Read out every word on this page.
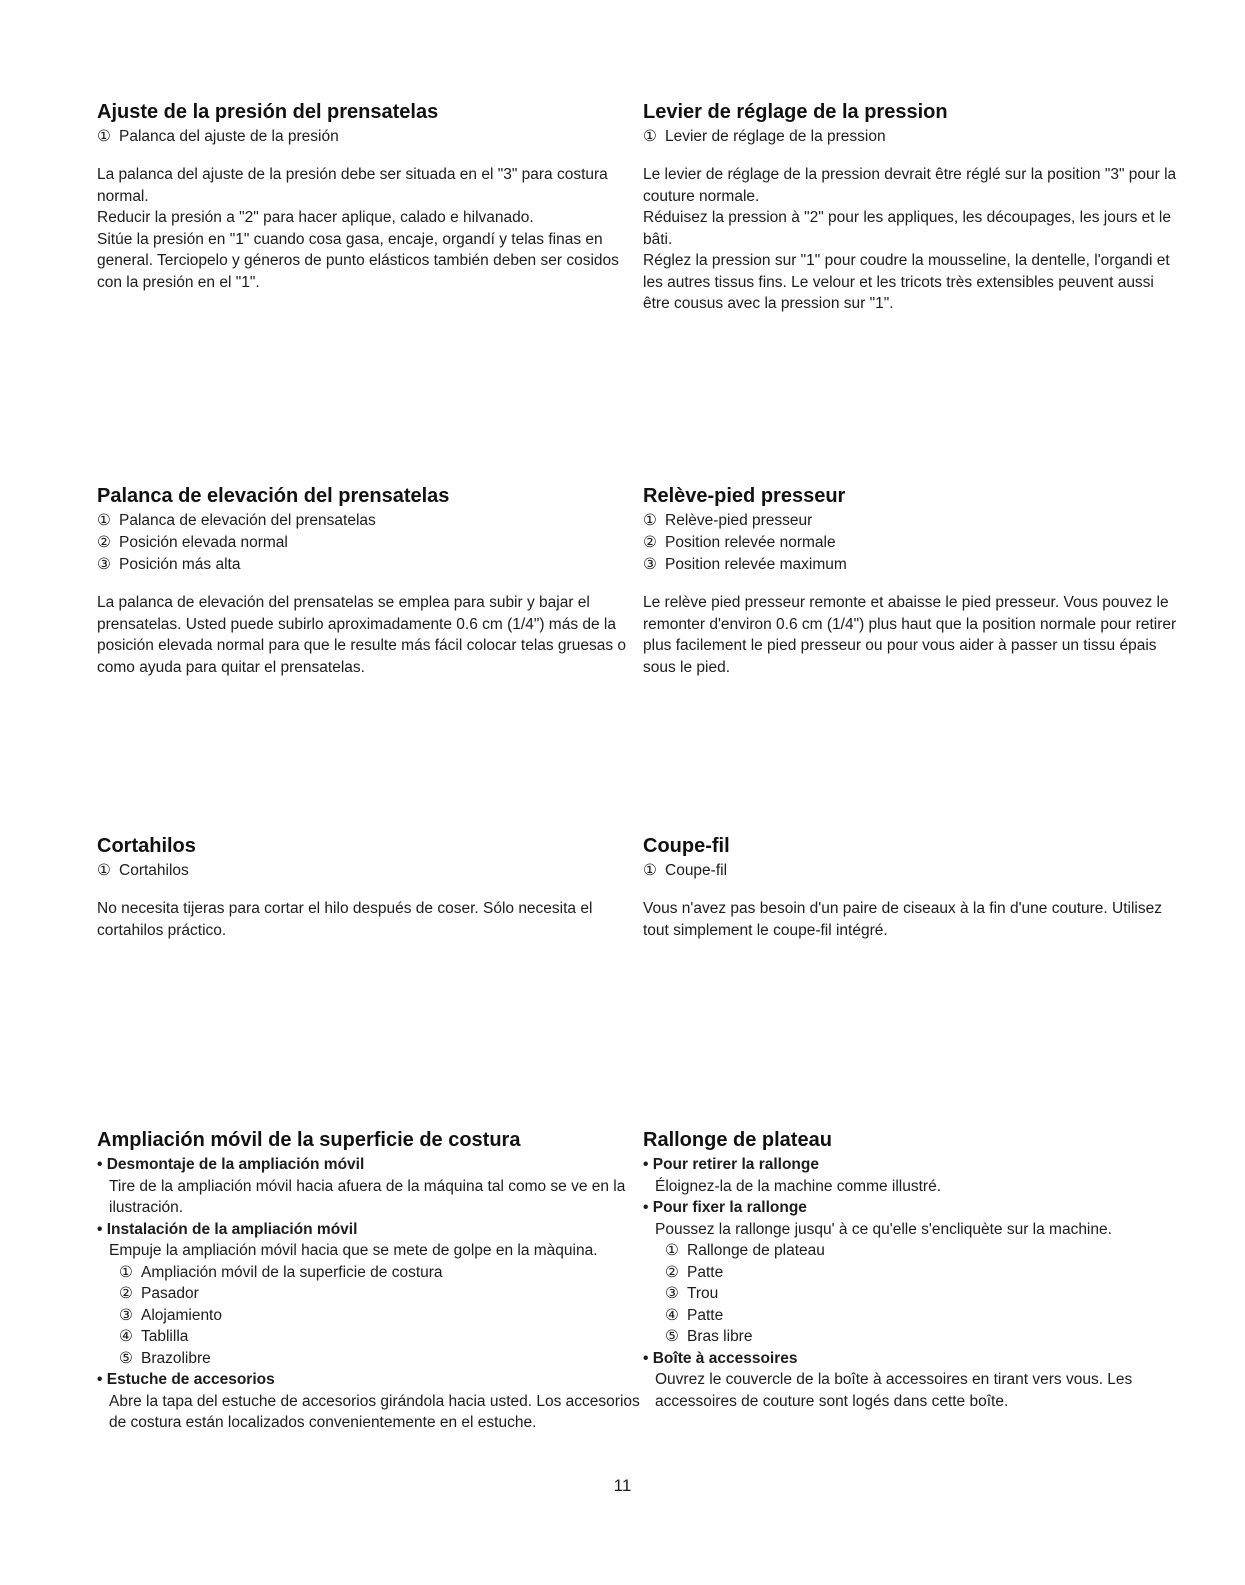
Ajuste de la presión del prensatelas
① Palanca del ajuste de la presión

La palanca del ajuste de la presión debe ser situada en el "3" para costura normal.

Reducir la presión a "2" para hacer aplique, calado e hilvanado.

Sitúe la presión en "1" cuando cosa gasa, encaje, organdí y telas finas en general. Terciopelo y géneros de punto elásticos también deben ser cosidos con la presión en el "1".

Levier de réglage de la pression
① Levier de réglage de la pression

Le levier de réglage de la pression devrait être réglé sur la position "3" pour la couture normale.

Réduisez la pression à "2" pour les appliques, les découpages, les jours et le bâti.

Réglez la pression sur "1" pour coudre la mousseline, la dentelle, l'organdi et les autres tissus fins. Le velour et les tricots très extensibles peuvent aussi être cousus avec la pression sur "1".

Palanca de elevación del prensatelas
① Palanca de elevación del prensatelas
② Posición elevada normal
③ Posición más alta

La palanca de elevación del prensatelas se emplea para subir y bajar el prensatelas. Usted puede subirlo aproximadamente 0.6 cm (1/4") más de la posición elevada normal para que le resulte más fácil colocar telas gruesas o como ayuda para quitar el prensatelas.

Relève-pied presseur
① Relève-pied presseur
② Position relevée normale
③ Position relevée maximum

Le relève pied presseur remonte et abaisse le pied presseur. Vous pouvez le remonter d'environ 0.6 cm (1/4") plus haut que la position normale pour retirer plus facilement le pied presseur ou pour vous aider à passer un tissu épais sous le pied.

Cortahilos
① Cortahilos

No necesita tijeras para cortar el hilo después de coser. Sólo necesita el cortahilos práctico.

Coupe-fil
① Coupe-fil

Vous n'avez pas besoin d'un paire de ciseaux à la fin d'une couture. Utilisez tout simplement le coupe-fil intégré.

Ampliación móvil de la superficie de costura
• Desmontaje de la ampliación móvil
Tire de la ampliación móvil hacia afuera de la máquina tal como se ve en la ilustración.
• Instalación de la ampliación móvil
Empuje la ampliación móvil hacia que se mete de golpe en la màquina.
① Ampliación móvil de la superficie de costura
② Pasador
③ Alojamiento
④ Tablilla
⑤ Brazolibre
• Estuche de accesorios
Abre la tapa del estuche de accesorios girándola hacia usted. Los accesorios de costura están localizados convenientemente en el estuche.
Rallonge de plateau
• Pour retirer la rallonge
Éloignez-la de la machine comme illustré.
• Pour fixer la rallonge
Poussez la rallonge jusqu' à ce qu'elle s'encliquète sur la machine.
① Rallonge de plateau
② Patte
③ Trou
④ Patte
⑤ Bras libre
• Boîte à accessoires
Ouvrez le couvercle de la boîte à accessoires en tirant vers vous. Les accessoires de couture sont logés dans cette boîte.
11
